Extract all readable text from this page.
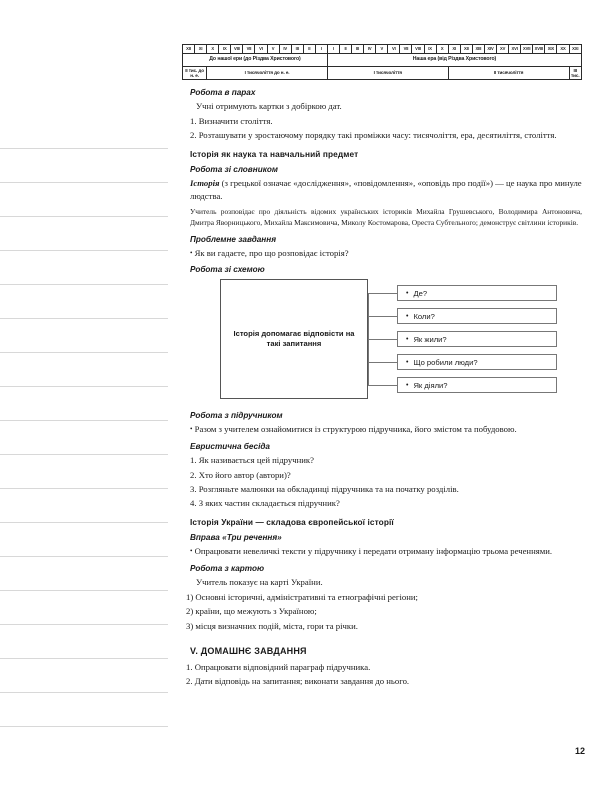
XII	XI	X	IX	VIII	VII	VI	V	IV	III	II	I	I	II	III	IV	V	VI	VII	VIII	IX	X	XI	XII	XIII	XIV	XV	XVI	XVII	XVIII	XIX	XX	XXI
До нашої ери (до Різдва Христового)												Наша ера (від Різдва Христового)																				
II тис. до н. е.		I тисячоліття до н. е.										I тисячоліття										II тисячоліття										III тис.
Робота в парах

Учні отримують картки з добіркою дат.

1. Визначити століття.

2. Розташувати у зростаючому порядку такі проміжки часу: тисячоліття, ера, десятиліття, століття.

Історія як наука та навчальний предмет
Робота зі словником

Історія (з грецької означає «дослідження», «повідомлення», «оповідь про події») — це наука про минуле людства.

Учитель розповідає про діяльність відомих українських істориків Михайла Грушевського, Володимира Антоновича, Дмитра Яворницького, Михайла Максимовича, Миколу Костомарова, Ореста Субтельного; демонструє світлини істориків.

Проблемне завдання

• Як ви гадаєте, про що розповідає історія?

Робота зі схемою
Історія допомагає відповісти на такі запитання
• Де?
• Коли?
• Як жили?
• Що робили люди?
• Як діяли?
Робота з підручником

• Разом з учителем ознайомитися із структурою підручника, його змістом та побудовою.

Евристична бесіда

1. Як називається цей підручник?

2. Хто його автор (автори)?

3. Розгляньте малюнки на обкладинці підручника та на початку розділів.

4. З яких частин складається підручник?

Історія України — складова європейської історії
Вправа «Три речення»

• Опрацювати невеличкі тексти у підручнику і передати отриману інформацію трьома реченнями.

Робота з картою

Учитель показує на карті України.

1) Основні історичні, адміністративні та етнографічні регіони;

2) країни, що межують з Україною;

3) місця визначних подій, міста, гори та річки.

V. ДОМАШНЄ ЗАВДАННЯ

1. Опрацювати відповідний параграф підручника.

2. Дати відповідь на запитання; виконати завдання до нього.

12
